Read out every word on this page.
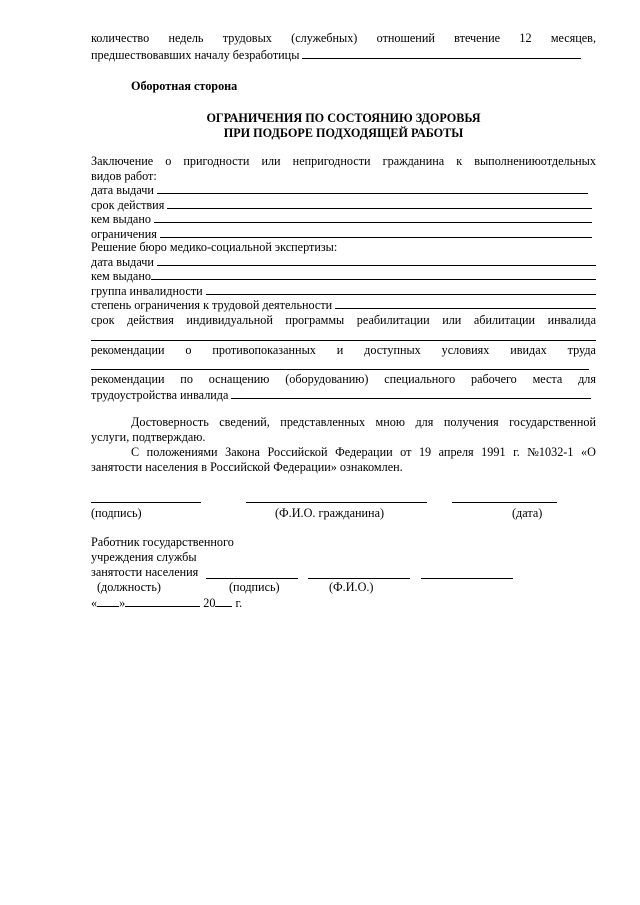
количество недель трудовых (служебных) отношений втечение 12 месяцев,
предшествовавших началу безработицы
Оборотная сторона
ОГРАНИЧЕНИЯ ПО СОСТОЯНИЮ ЗДОРОВЬЯ
ПРИ ПОДБОРЕ ПОДХОДЯЩЕЙ РАБОТЫ
Заключение о пригодности или непригодности гражданина к выполнениюотдельных
видов работ:
дата выдачи
срок действия
кем выдано
ограничения
Решение бюро медико-социальной экспертизы:
дата выдачи
кем выдано
группа инвалидности
степень ограничения к трудовой деятельности
срок действия индивидуальной программы реабилитации или абилитации инвалида
рекомендации о противопоказанных и доступных условиях ивидах труда
рекомендации по оснащению (оборудованию) специального рабочего места для
трудоустройства инвалида
Достоверность сведений, представленных мною для получения государственной
услуги, подтверждаю.
С положениями Закона Российской Федерации от 19 апреля 1991 г. №1032-1 «О
занятости населения в Российской Федерации» ознакомлен.
(подпись)	(Ф.И.О. гражданина)	(дата)
Работник государственного
учреждения службы
занятости населения
(должность)	(подпись)	(Ф.И.О.)
« »	20 г.
